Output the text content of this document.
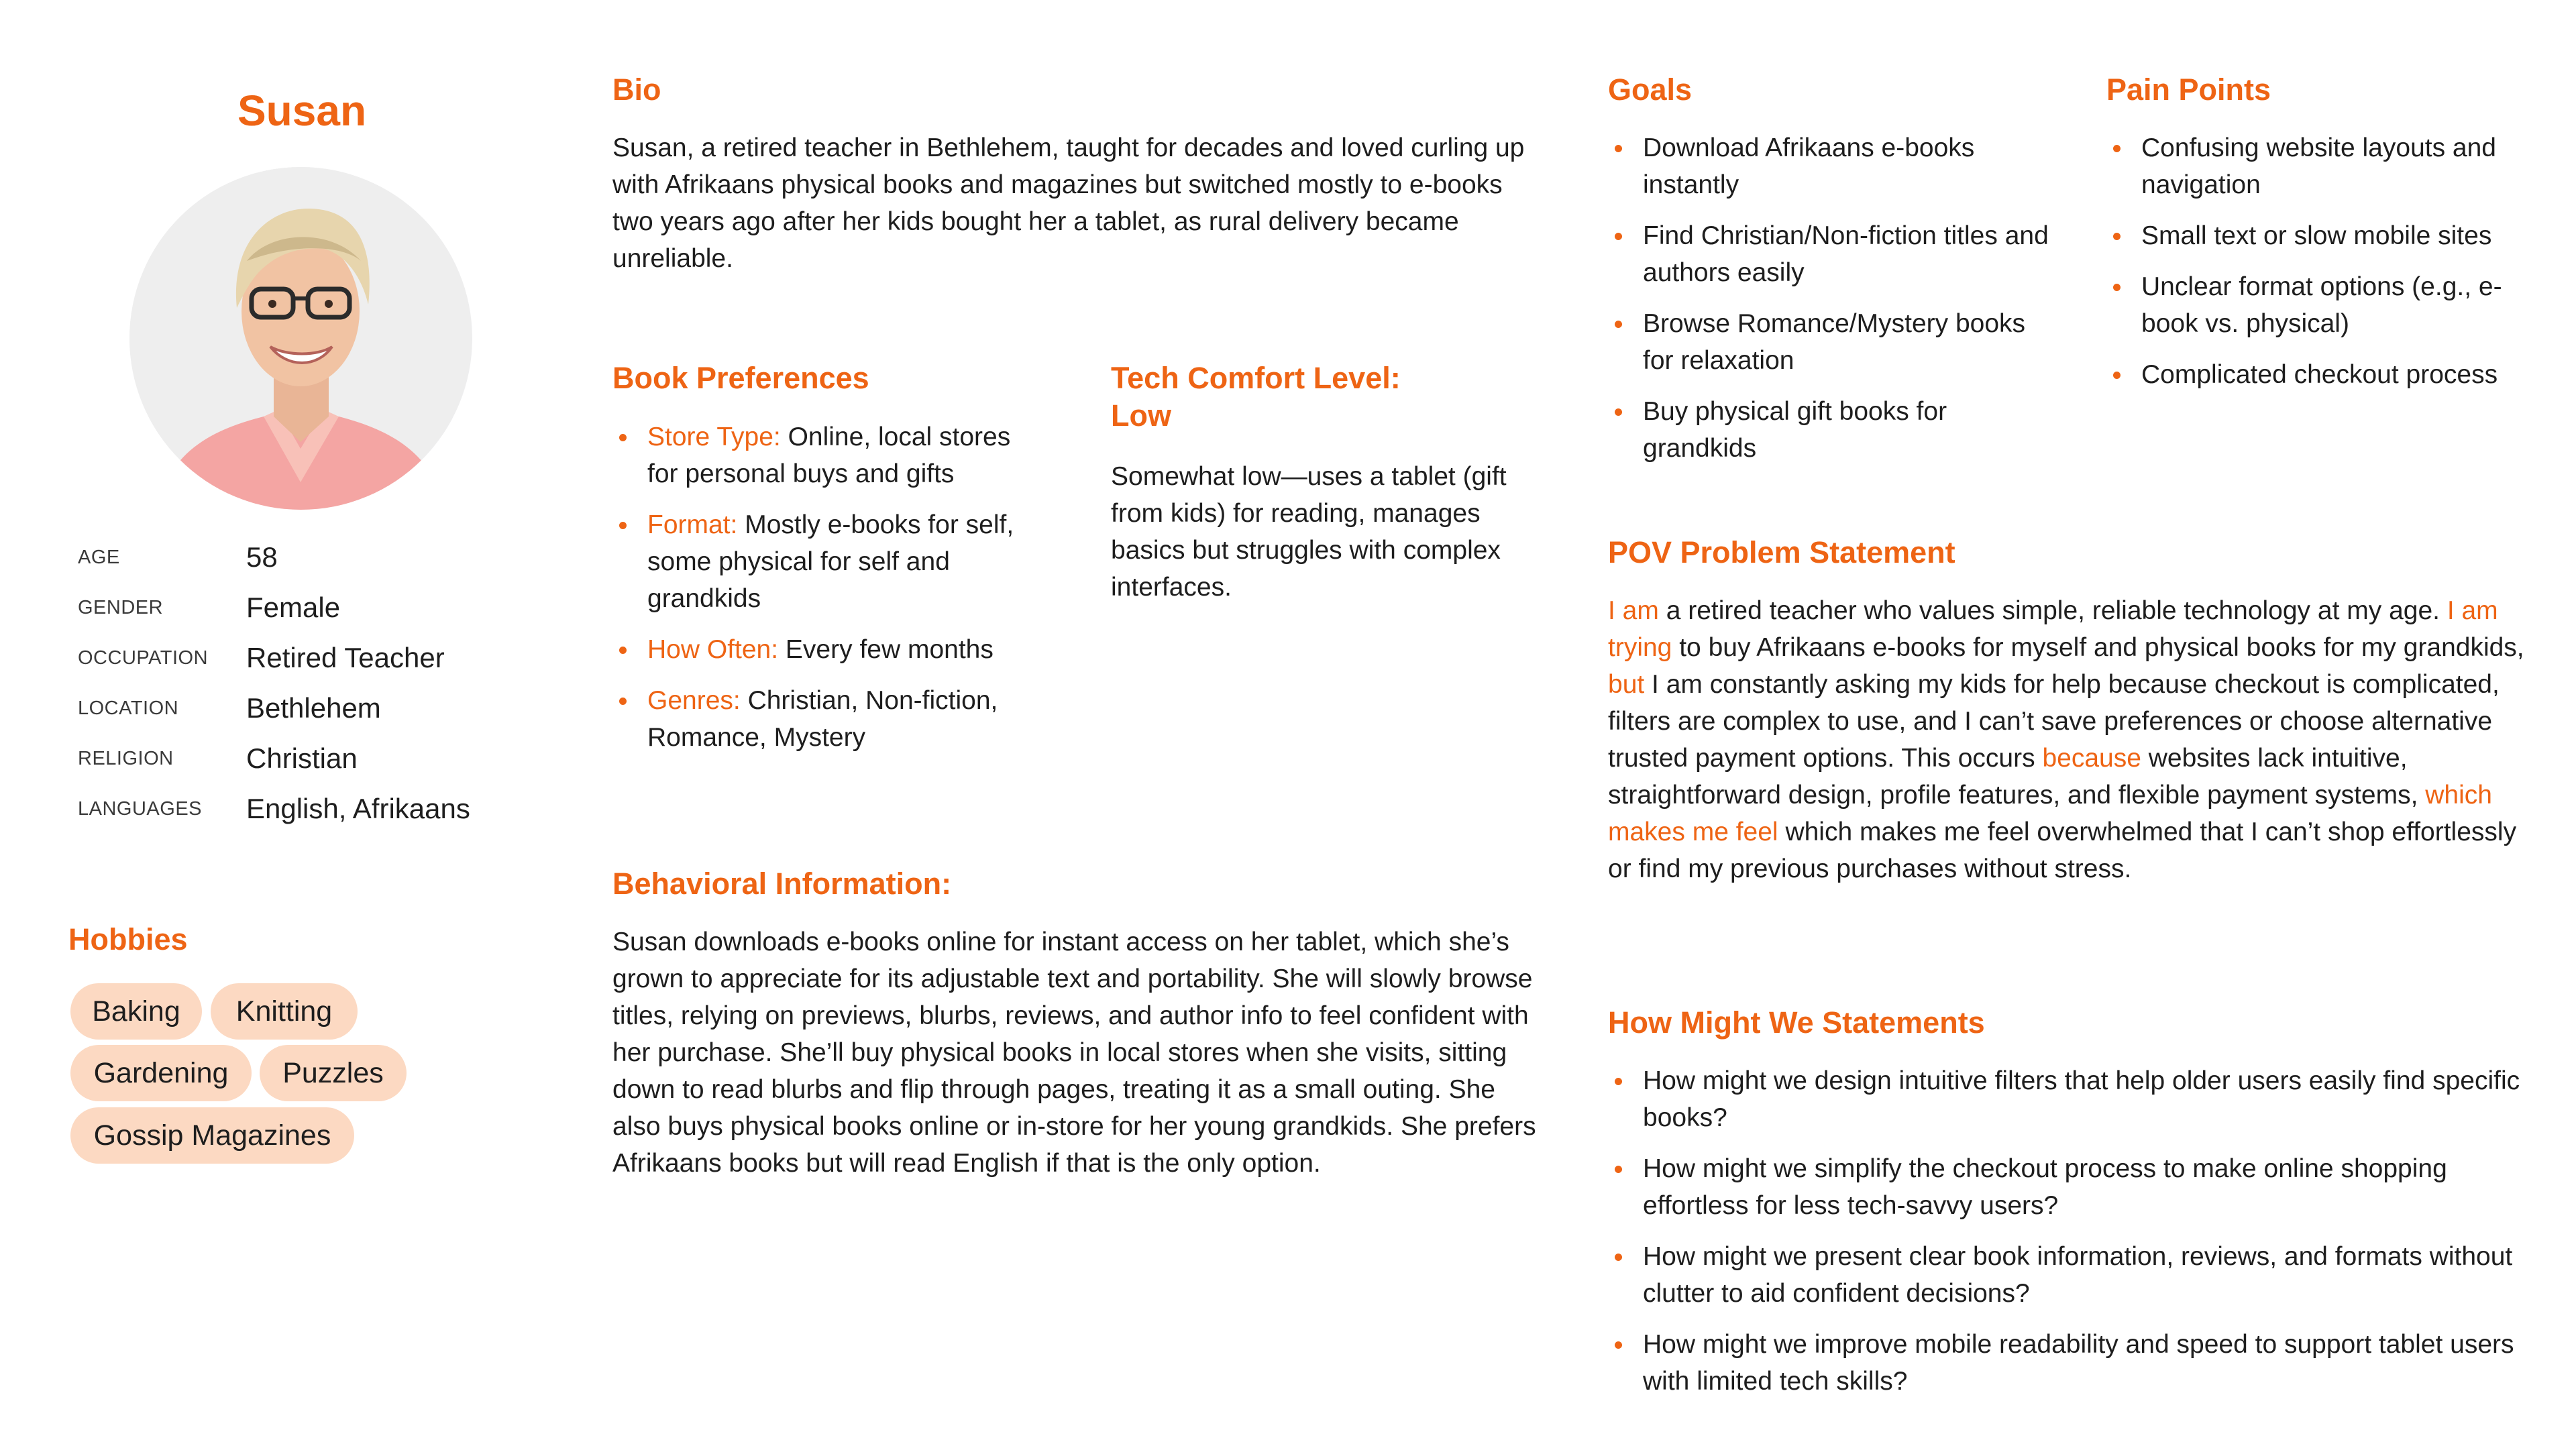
Susan
AGE	58
GENDER	Female
OCCUPATION Retired Teacher
LOCATION Bethlehem
RELIGION	Christian
LANGUAGES English, Afrikaans
Hobbies
Baking	Knitting
Gardening	Puzzles
Gossip Magazines
Bio

Susan, a retired teacher in Bethlehem, taught for decades and loved curling up with Afrikaans physical books and magazines but switched mostly to e-books two years ago after her kids bought her a tablet, as rural delivery became unreliable.

Book Preferences
Store Type: Online, local stores for personal buys and gifts
Format: Mostly e-books for self, some physical for self and grandkids
How Often: Every few months
Genres: Christian, Non-fiction, Romance, Mystery
Tech Comfort Level:
Low

Somewhat low—uses a tablet (gift from kids) for reading, manages basics but struggles with complex interfaces.

Behavioral Information:

Susan downloads e-books online for instant access on her tablet, which she’s grown to appreciate for its adjustable text and portability. She will slowly browse titles, relying on previews, blurbs, reviews, and author info to feel confident with her purchase. She’ll buy physical books in local stores when she visits, sitting down to read blurbs and flip through pages, treating it as a small outing. She also buys physical books online or in-store for her young grandkids. She prefers Afrikaans books but will read English if that is the only option.

Goals
Download Afrikaans e-books instantly
Find Christian/Non-fiction titles and authors easily
Browse Romance/Mystery books for relaxation
Buy physical gift books for grandkids
Pain Points
Confusing website layouts and navigation
Small text or slow mobile sites
Unclear format options (e.g., e-book vs. physical)
Complicated checkout process
POV Problem Statement

I am a retired teacher who values simple, reliable technology at my age. I am trying to buy Afrikaans e-books for myself and physical books for my grandkids, but I am constantly asking my kids for help because checkout is complicated, filters are complex to use, and I can’t save preferences or choose alternative trusted payment options. This occurs because websites lack intuitive, straightforward design, profile features, and flexible payment systems, which makes me feel which makes me feel overwhelmed that I can’t shop effortlessly or find my previous purchases without stress.

How Might We Statements
How might we design intuitive filters that help older users easily find specific books?
How might we simplify the checkout process to make online shopping effortless for less tech-savvy users?
How might we present clear book information, reviews, and formats without clutter to aid confident decisions?
How might we improve mobile readability and speed to support tablet users with limited tech skills?
